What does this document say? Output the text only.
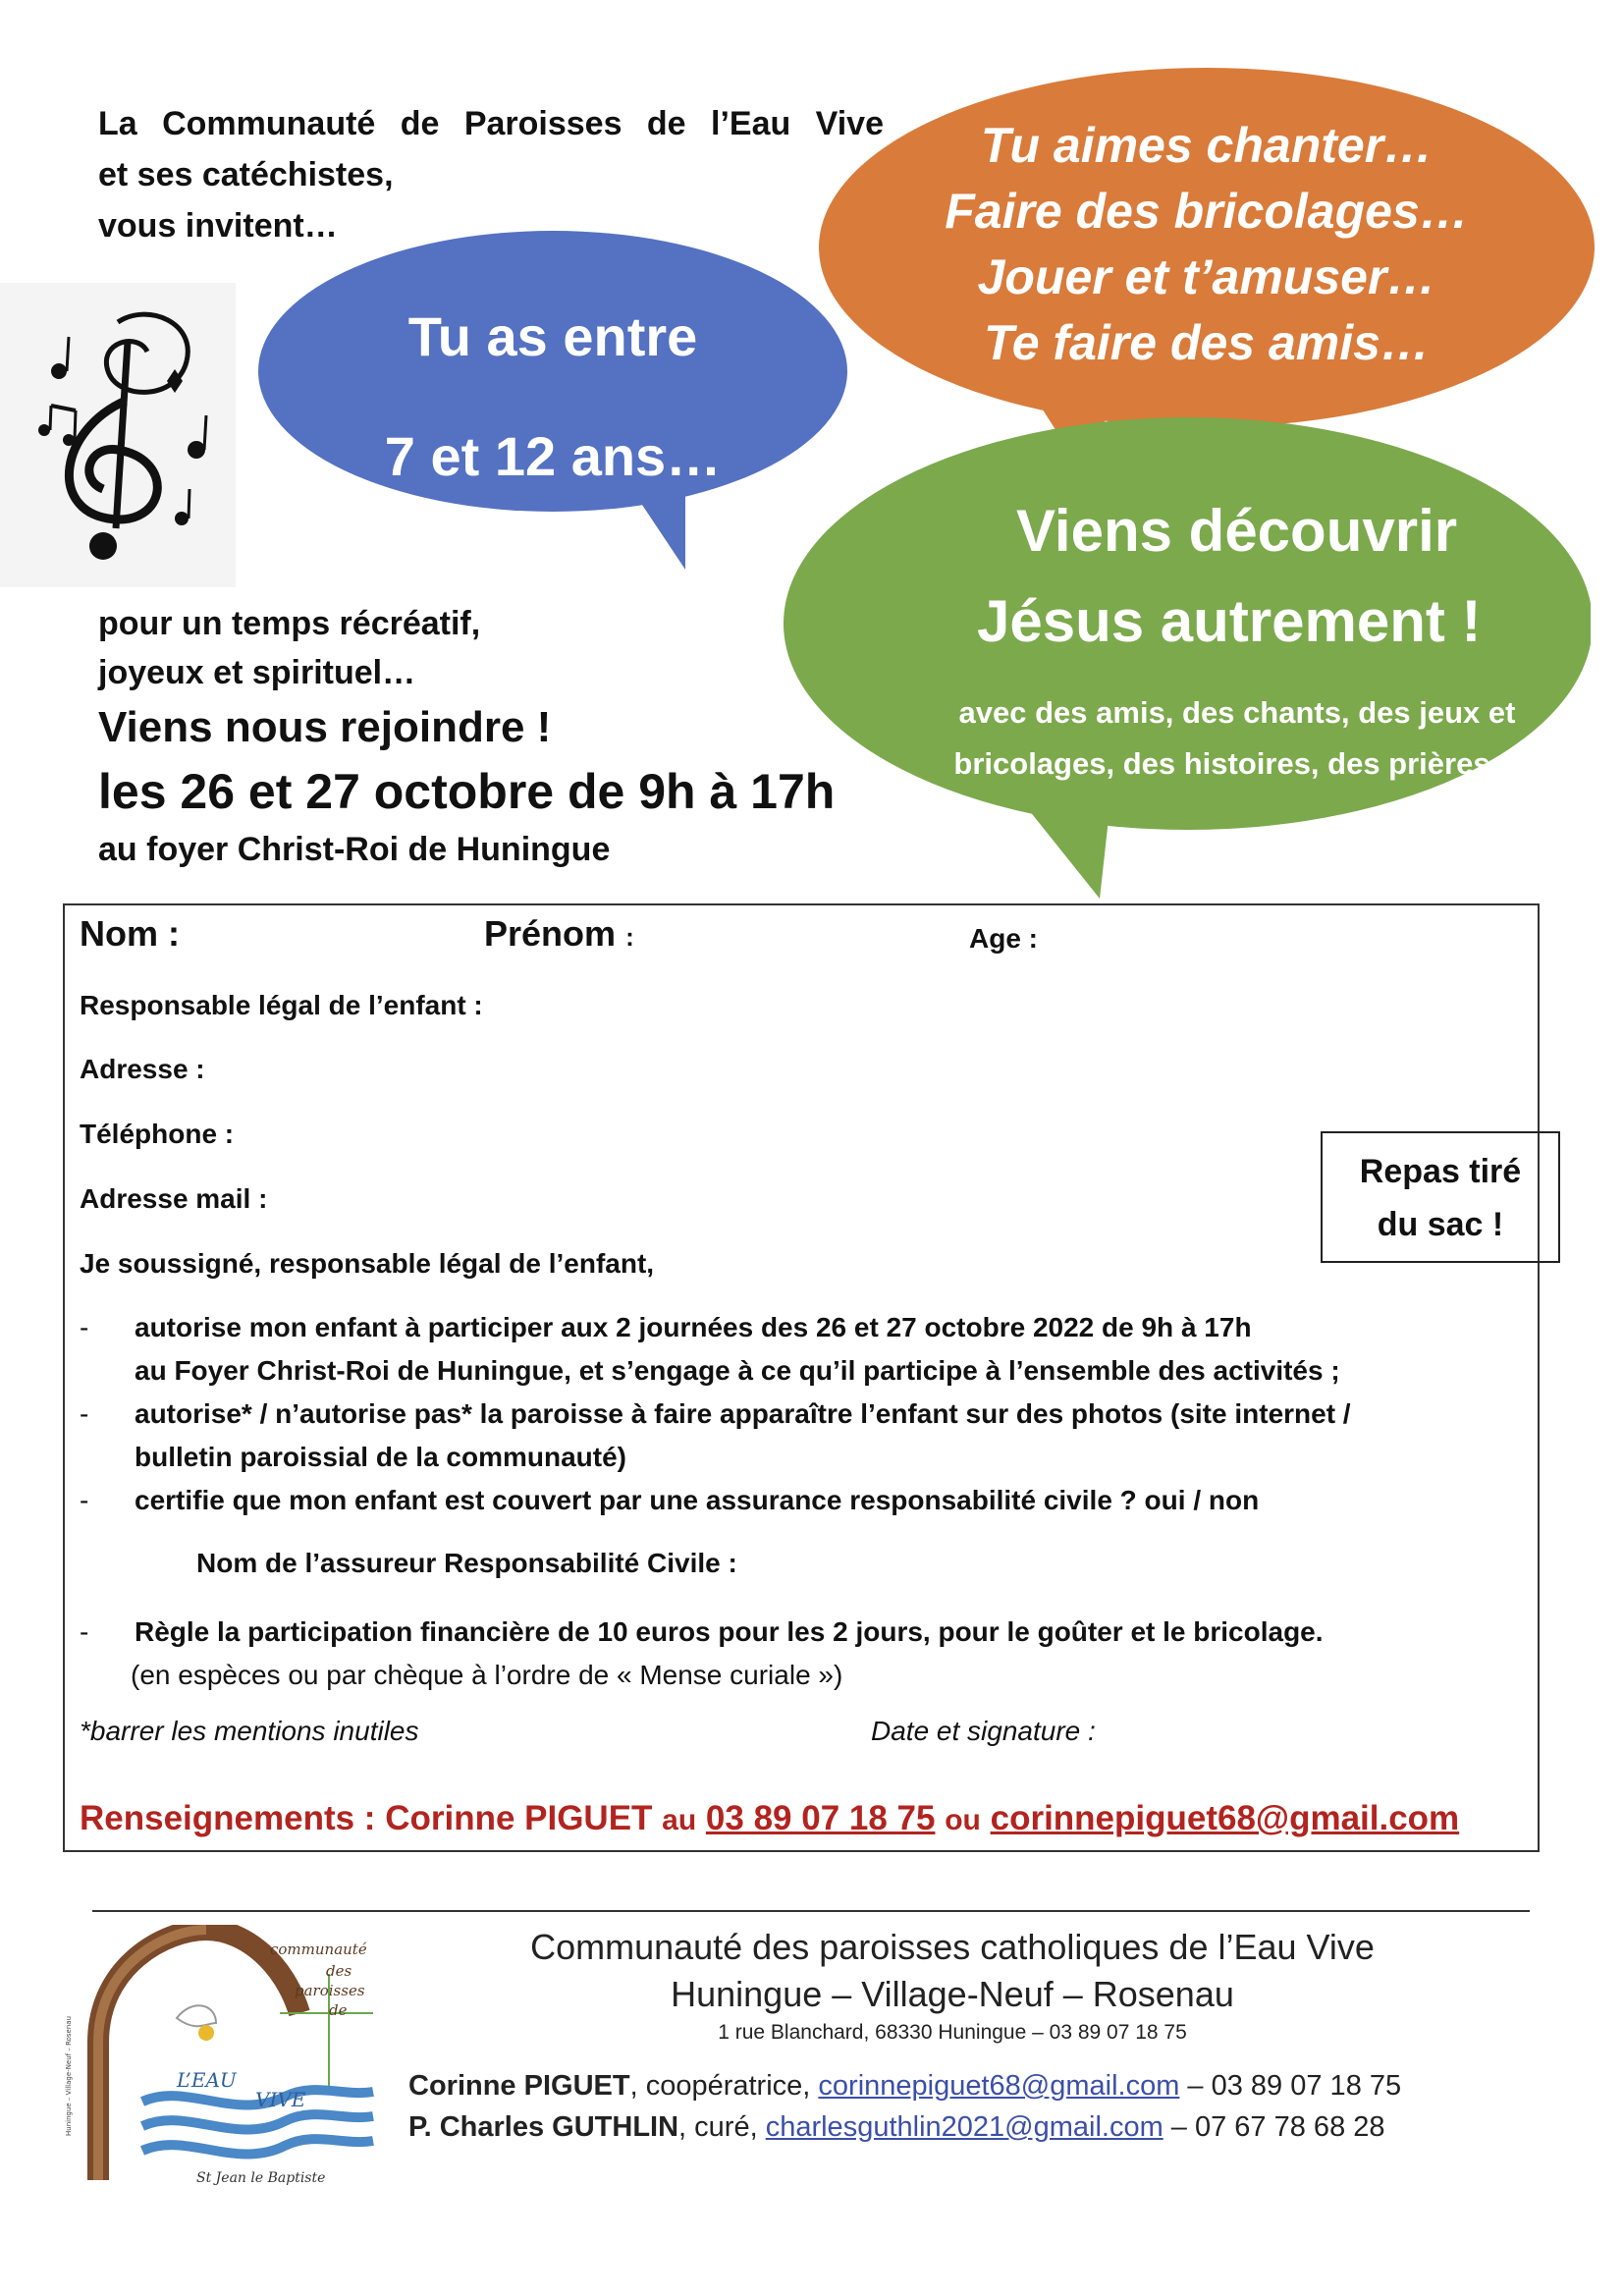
La Communauté de Paroisses de l’Eau Vive
et ses catéchistes,
vous invitent…
Tu as entre
7 et 12 ans…
Tu aimes chanter…
Faire des bricolages…
Jouer et t’amuser…
Te faire des amis…
Viens découvrir
Jésus autrement !
avec des amis, des chants, des jeux et
bricolages, des histoires, des prières…
pour un temps récréatif,
joyeux et spirituel…
Viens nous rejoindre !
les 26 et 27 octobre de 9h à 17h
au foyer Christ-Roi de Huningue
Nom :	Prénom :	Age :
Responsable légal de l’enfant :
Adresse :
Téléphone :
Adresse mail :
Je soussigné, responsable légal de l’enfant,
-	autorise mon enfant à participer aux 2 journées des 26 et 27 octobre 2022 de 9h à 17h
au Foyer Christ-Roi de Huningue, et s’engage à ce qu’il participe à l’ensemble des activités ;
-	autorise* / n’autorise pas* la paroisse à faire apparaître l’enfant sur des photos (site internet /
bulletin paroissial de la communauté)
-	certifie que mon enfant est couvert par une assurance responsabilité civile ? oui / non
Nom de l’assureur Responsabilité Civile :
-	Règle la participation financière de 10 euros pour les 2 jours, pour le goûter et le bricolage.
(en espèces ou par chèque à l’ordre de « Mense curiale »)
*barrer les mentions inutiles	Date et signature :
Renseignements : Corinne PIGUET au 03 89 07 18 75 ou corinnepiguet68@gmail.com
Repas tiré
du sac !
communauté
des
paroisses
de
L’EAU
VIVE
St Jean le Baptiste
Huningue – Village-Neuf – Rosenau
Communauté des paroisses catholiques de l’Eau Vive
Huningue – Village-Neuf – Rosenau
1 rue Blanchard, 68330 Huningue – 03 89 07 18 75
Corinne PIGUET, coopératrice, corinnepiguet68@gmail.com – 03 89 07 18 75
P. Charles GUTHLIN, curé, charlesguthlin2021@gmail.com – 07 67 78 68 28
